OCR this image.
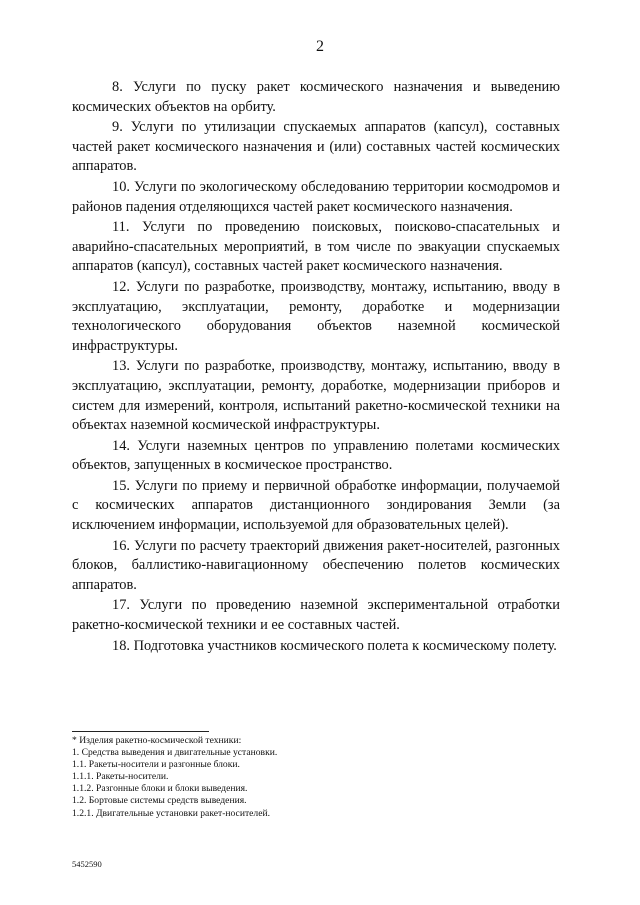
2

8. Услуги по пуску ракет космического назначения и выведению космических объектов на орбиту.

9. Услуги по утилизации спускаемых аппаратов (капсул), составных частей ракет космического назначения и (или) составных частей космических аппаратов.

10. Услуги по экологическому обследованию территории космодромов и районов падения отделяющихся частей ракет космического назначения.

11. Услуги по проведению поисковых, поисково-спасательных и аварийно-спасательных мероприятий, в том числе по эвакуации спускаемых аппаратов (капсул), составных частей ракет космического назначения.

12. Услуги по разработке, производству, монтажу, испытанию, вводу в эксплуатацию, эксплуатации, ремонту, доработке и модернизации технологического оборудования объектов наземной космической инфраструктуры.

13. Услуги по разработке, производству, монтажу, испытанию, вводу в эксплуатацию, эксплуатации, ремонту, доработке, модернизации приборов и систем для измерений, контроля, испытаний ракетно-космической техники на объектах наземной космической инфраструктуры.

14. Услуги наземных центров по управлению полетами космических объектов, запущенных в космическое пространство.

15. Услуги по приему и первичной обработке информации, получаемой с космических аппаратов дистанционного зондирования Земли (за исключением информации, используемой для образовательных целей).

16. Услуги по расчету траекторий движения ракет-носителей, разгонных блоков, баллистико-навигационному обеспечению полетов космических аппаратов.

17. Услуги по проведению наземной экспериментальной отработки ракетно-космической техники и ее составных частей.

18. Подготовка участников космического полета к космическому полету.

* Изделия ракетно-космической техники:
1. Средства выведения и двигательные установки.
1.1. Ракеты-носители и разгонные блоки.
1.1.1. Ракеты-носители.
1.1.2. Разгонные блоки и блоки выведения.
1.2. Бортовые системы средств выведения.
1.2.1. Двигательные установки ракет-носителей.
5452590
